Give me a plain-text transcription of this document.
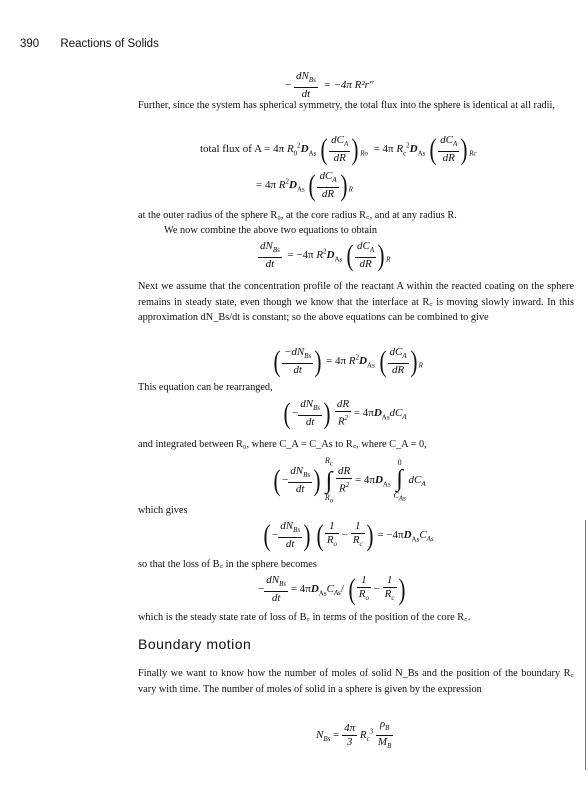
390 Reactions of Solids
−
$dN_{Bs}$
dt
= −4π R²r″
Further, since the system has spherical symmetry, the total flux into the sphere is identical at all radii,
total flux of A = 4π $R_0^2D_{As}$ ( $dC_A$
dR ) $_{Ro}$  = 4π $R_c^2D_{As}$ ( $dC_A$
dR ) $_{Rc}$
= 4π $R^2D_{As}$ ( $dC_A$
dR ) $_R$
at the outer radius of the sphere R₀, at the core radius R꜀, and at any radius R.
We now combine the above two equations to obtain
$dN_{Bs}$
dt
= −4π $R^2D_{As}$ ( $dC_A$
dR ) $_R$
Next we assume that the concentration profile of the reactant A within the reacted coating on the sphere remains in steady state, even though we know that the interface at R꜀ is moving slowly inward. In this approximation dN_Bs/dt is constant; so the above equations can be combined to give
( $-dN_{Bs}$
dt ) = 4π $R^2D_{As}$ ( $dC_A$
dR ) $_R$
This equation can be rearranged,
( −
$dN_{Bs}$
dt ) $\frac{dR}{R^2} = 4\pi D_{As}dC_A$
and integrated between R₀, where C_A = C_As to R꜀, where C_A = 0,
( −
$dN_{Bs}$
dt ) $R_c$
∫
$R_o$
$\frac{dR}{R^2} = 4\pi D_{As}$ 0
∫
$C_{As}$ $dC_A$
which gives
( −
$dN_{Bs}$
dt ) ( $\frac{1}{R_o} - \frac{1}{R_c}$ ) = $-4\pi D_{As}C_{As}$
so that the loss of B꜀ in the sphere becomes
−
$dN_{Bs}$
dt
= $4\pi D_{As}C_{As}/$ ( $\frac{1}{R_o} - \frac{1}{R_c}$ )
which is the steady state rate of loss of B꜀ in terms of the position of the core R꜀.
Boundary motion
Finally we want to know how the number of moles of solid N_Bs and the position of the boundary R꜀ vary with time. The number of moles of solid in a sphere is given by the expression
$N_{Bs} = \frac{4\pi}{3} R_c^3 \frac{\rho_B}{M_B}$
